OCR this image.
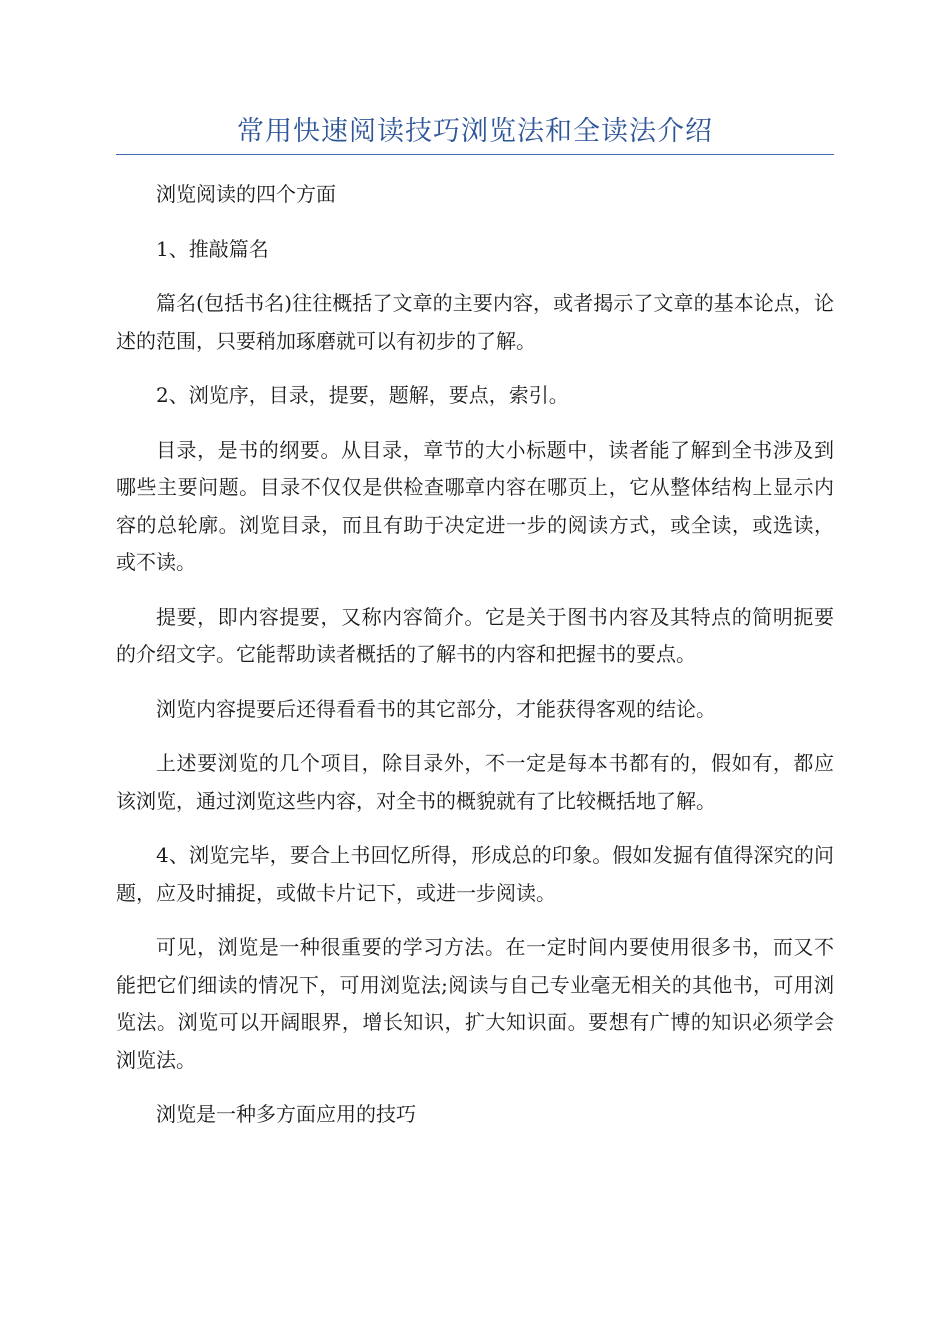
常用快速阅读技巧浏览法和全读法介绍

浏览阅读的四个方面

1、推敲篇名

篇名(包括书名)往往概括了文章的主要内容，或者揭示了文章的基本论点，论述的范围，只要稍加琢磨就可以有初步的了解。

2、浏览序，目录，提要，题解，要点，索引。

目录，是书的纲要。从目录，章节的大小标题中，读者能了解到全书涉及到哪些主要问题。目录不仅仅是供检查哪章内容在哪页上，它从整体结构上显示内容的总轮廓。浏览目录，而且有助于决定进一步的阅读方式，或全读，或选读，或不读。

提要，即内容提要，又称内容简介。它是关于图书内容及其特点的简明扼要的介绍文字。它能帮助读者概括的了解书的内容和把握书的要点。

浏览内容提要后还得看看书的其它部分，才能获得客观的结论。

上述要浏览的几个项目，除目录外，不一定是每本书都有的，假如有，都应该浏览，通过浏览这些内容，对全书的概貌就有了比较概括地了解。

4、浏览完毕，要合上书回忆所得，形成总的印象。假如发掘有值得深究的问题，应及时捕捉，或做卡片记下，或进一步阅读。

可见，浏览是一种很重要的学习方法。在一定时间内要使用很多书，而又不能把它们细读的情况下，可用浏览法;阅读与自己专业毫无相关的其他书，可用浏览法。浏览可以开阔眼界，增长知识，扩大知识面。要想有广博的知识必须学会浏览法。

浏览是一种多方面应用的技巧
